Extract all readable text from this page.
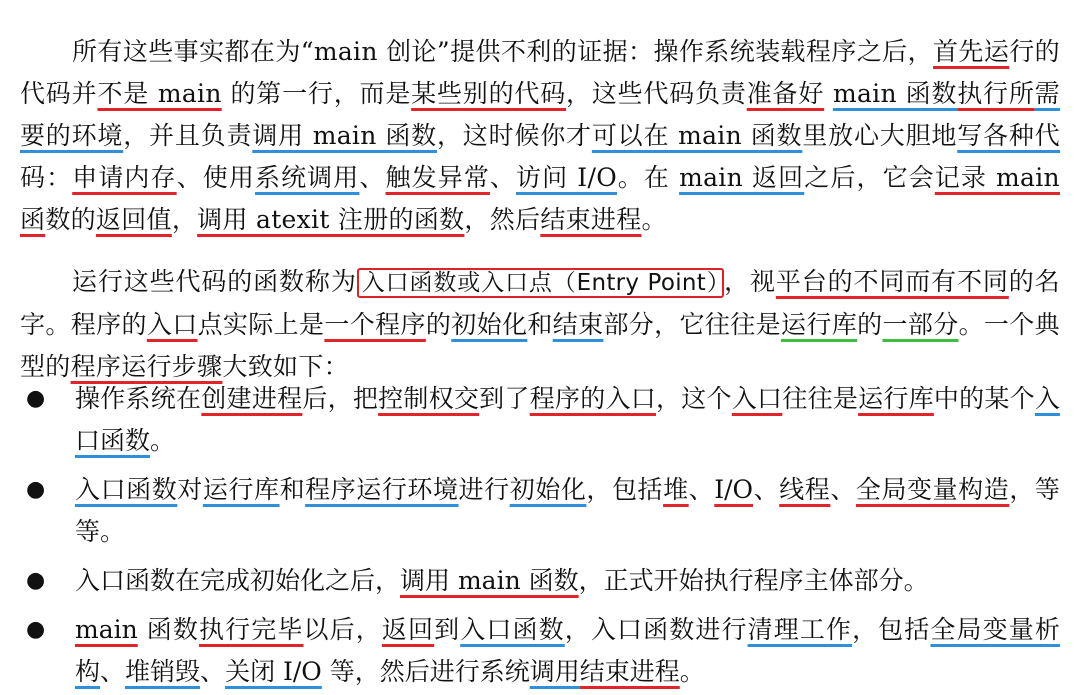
所有这些事实都在为“main 创论”提供不利的证据：操作系统装载程序之后，首先运行的代码并不是 main 的第一行，而是某些别的代码，这些代码负责准备好 main 函数执行所需要的环境，并且负责调用 main 函数，这时候你才可以在 main 函数里放心大胆地写各种代码：申请内存、使用系统调用、触发异常、访问 I/O。在 main 返回之后，它会记录 main 函数的返回值，调用 atexit 注册的函数，然后结束进程。

运行这些代码的函数称为 入口函数或入口点（Entry Point） ，视平台的不同而有不同的名字。程序的入口点实际上是一个程序的初始化和结束部分，它往往是运行库的一部分。一个典型的程序运行步骤大致如下：

● 操作系统在创建进程后，把控制权交到了程序的入口，这个入口往往是运行库中的某个入口函数。
● 入口函数对运行库和程序运行环境进行初始化，包括堆、I/O、线程、全局变量构造，等等。
● 入口函数在完成初始化之后，调用 main 函数，正式开始执行程序主体部分。
● main 函数执行完毕以后，返回到入口函数，入口函数进行清理工作，包括全局变量析构、堆销毁、关闭 I/O 等，然后进行系统调用结束进程。
